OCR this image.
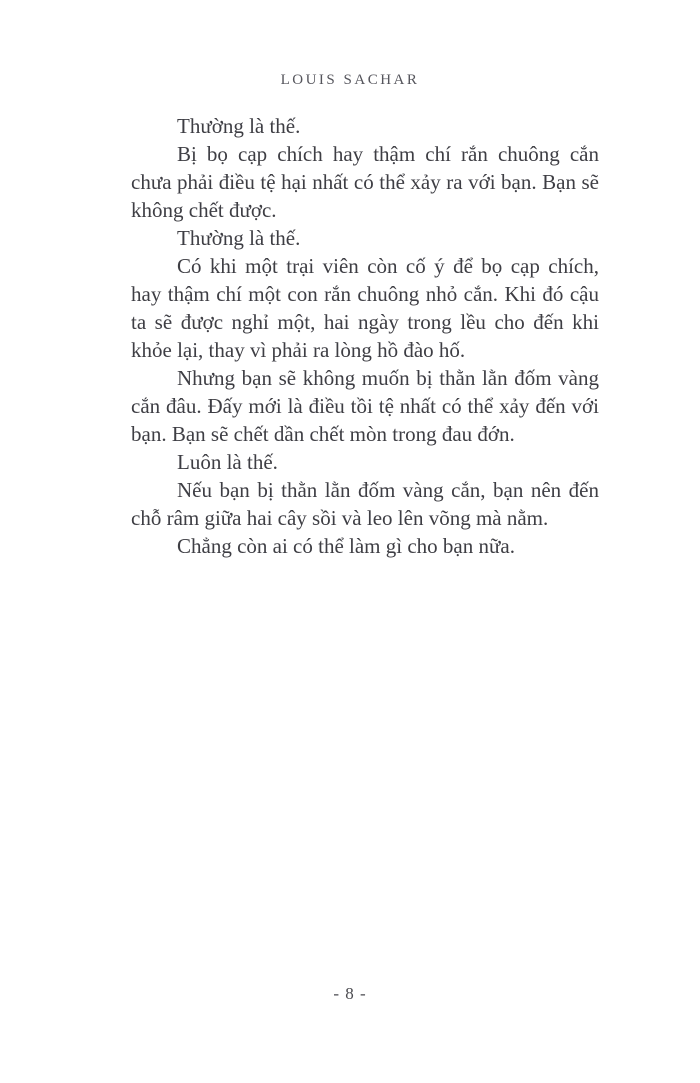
LOUIS SACHAR

Thường là thế.

Bị bọ cạp chích hay thậm chí rắn chuông cắn chưa phải điều tệ hại nhất có thể xảy ra với bạn. Bạn sẽ không chết được.

Thường là thế.

Có khi một trại viên còn cố ý để bọ cạp chích, hay thậm chí một con rắn chuông nhỏ cắn. Khi đó cậu ta sẽ được nghỉ một, hai ngày trong lều cho đến khi khỏe lại, thay vì phải ra lòng hồ đào hố.

Nhưng bạn sẽ không muốn bị thằn lằn đốm vàng cắn đâu. Đấy mới là điều tồi tệ nhất có thể xảy đến với bạn. Bạn sẽ chết dần chết mòn trong đau đớn.

Luôn là thế.

Nếu bạn bị thằn lằn đốm vàng cắn, bạn nên đến chỗ râm giữa hai cây sồi và leo lên võng mà nằm.

Chẳng còn ai có thể làm gì cho bạn nữa.

- 8 -
